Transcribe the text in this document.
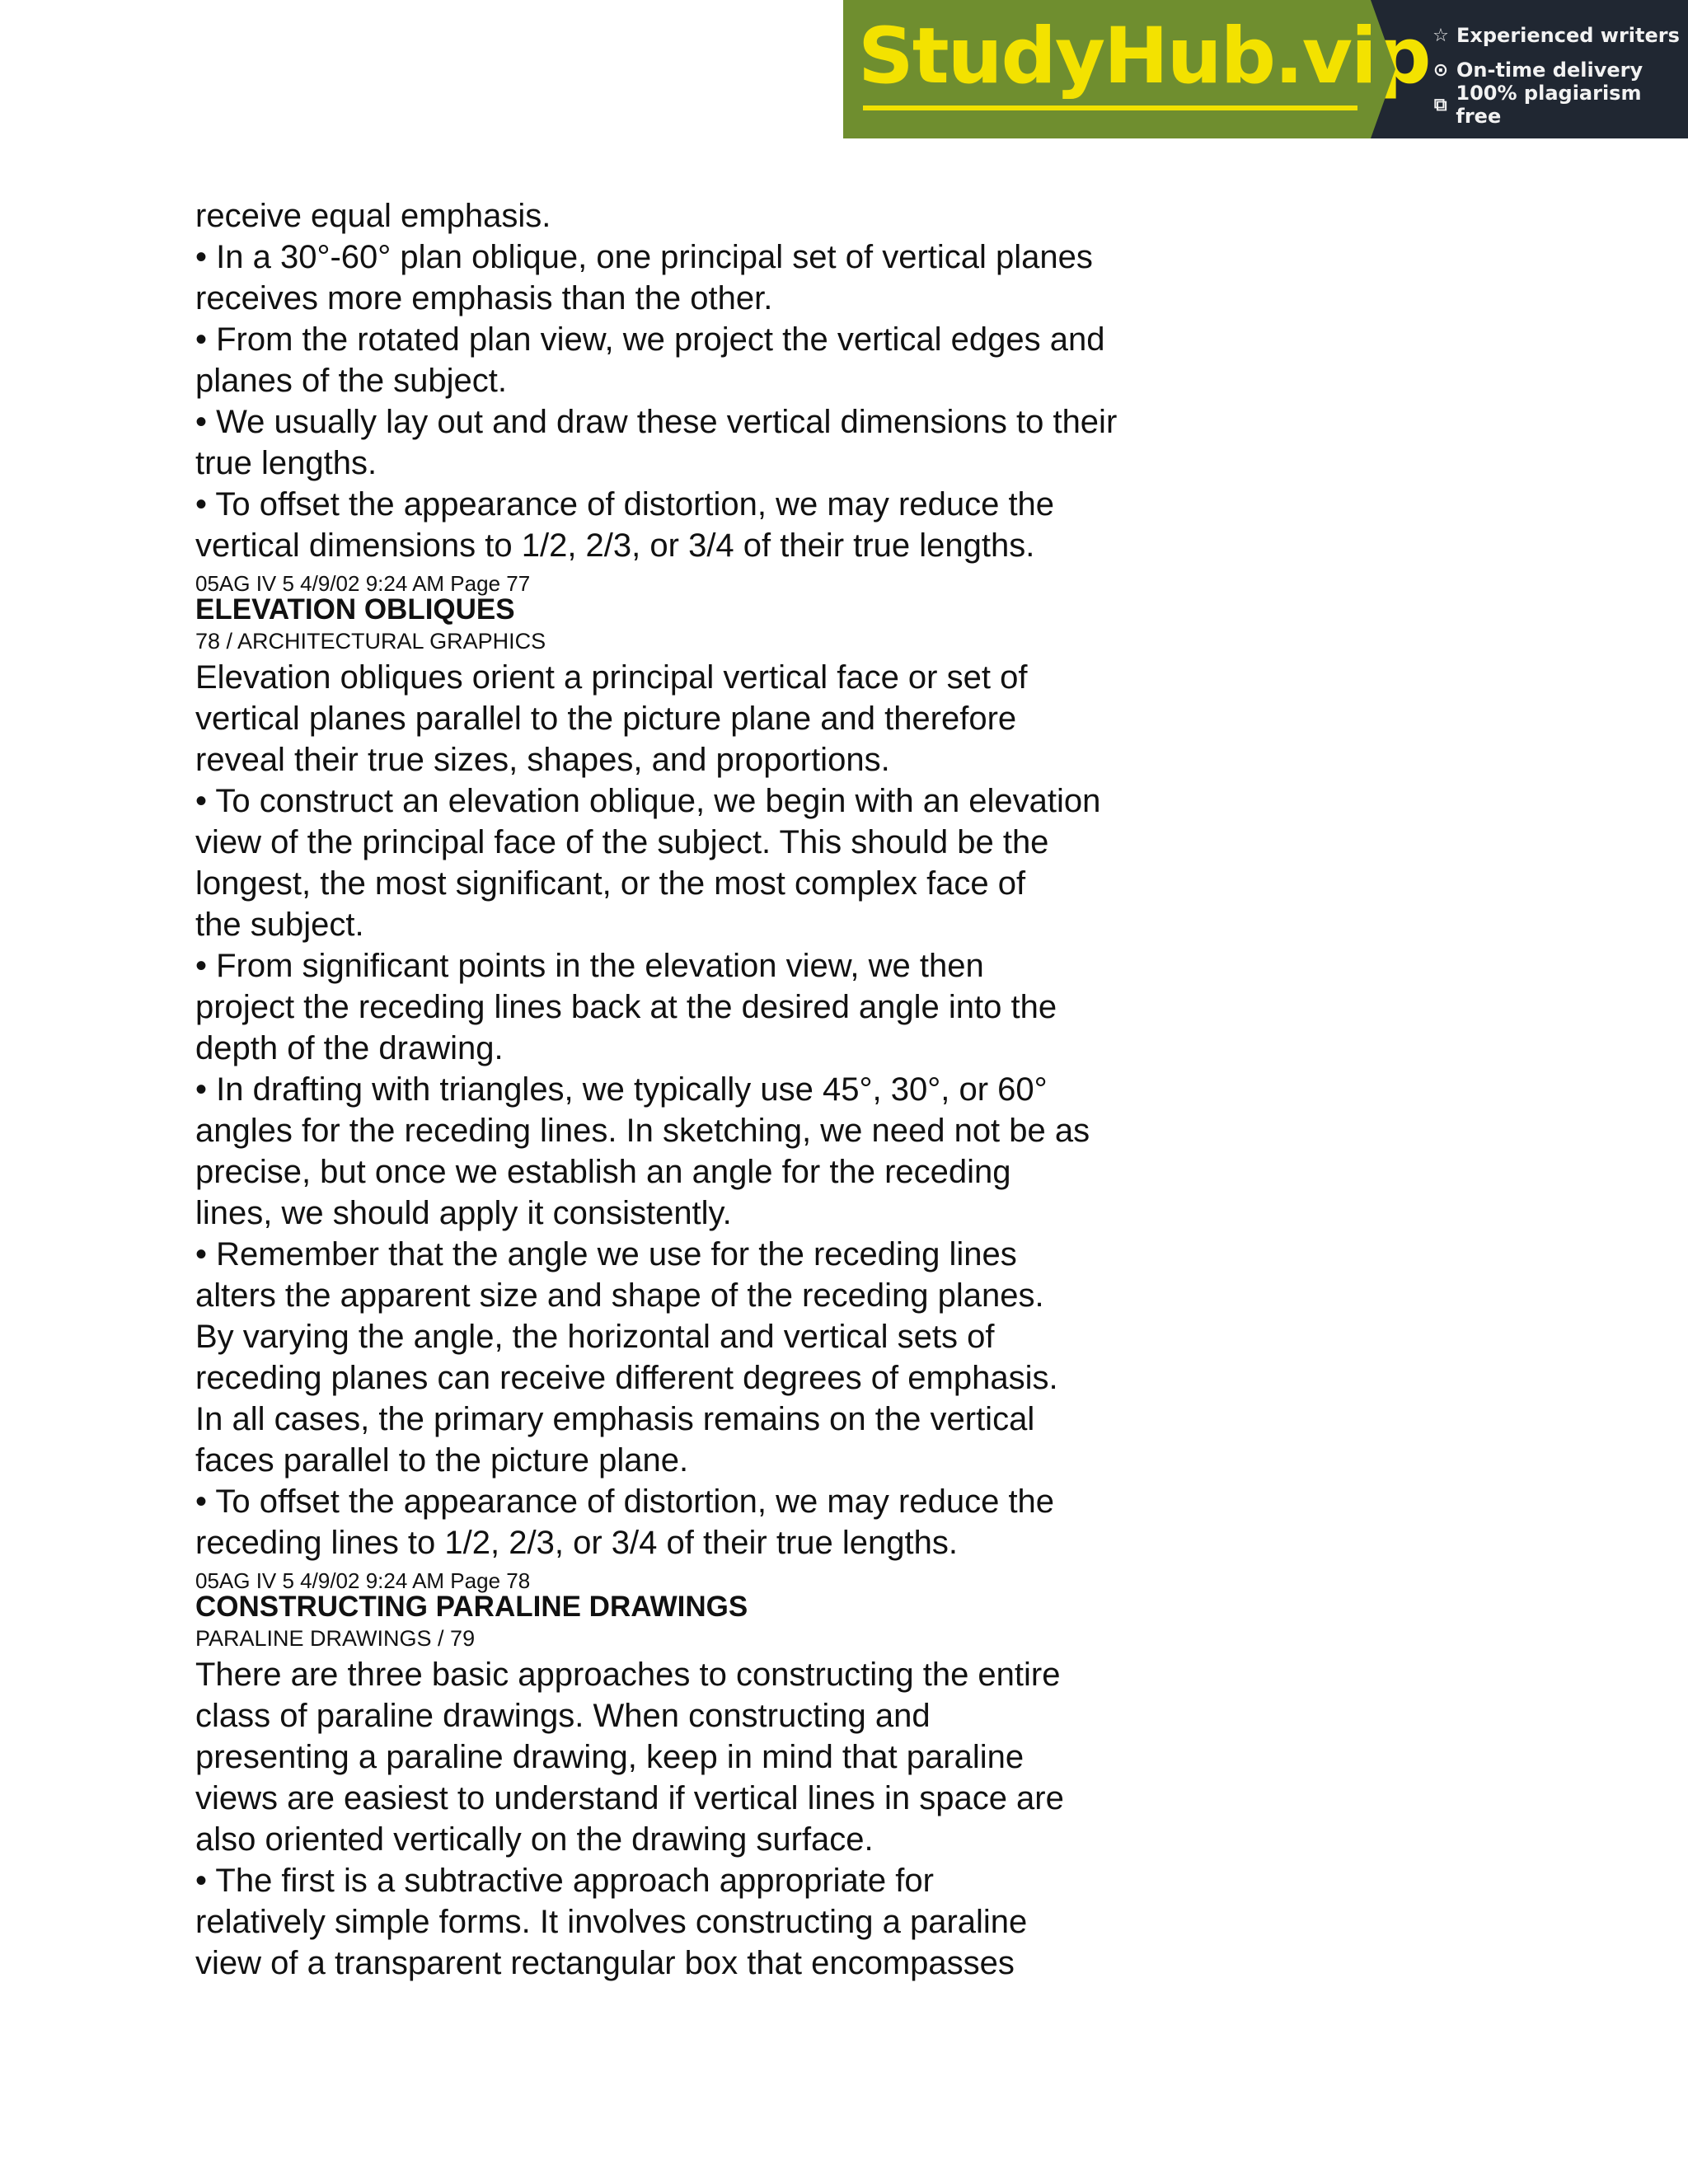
StudyHub.vip ☆ Experienced writers
⊙ On-time delivery
⧉ 100% plagiarism free
receive equal emphasis.
• In a 30°-60° plan oblique, one principal set of vertical planes
receives more emphasis than the other.
• From the rotated plan view, we project the vertical edges and
planes of the subject.
• We usually lay out and draw these vertical dimensions to their
true lengths.
• To offset the appearance of distortion, we may reduce the
vertical dimensions to 1/2, 2/3, or 3/4 of their true lengths.
05AG IV 5 4/9/02 9:24 AM Page 77
ELEVATION OBLIQUES
78 / ARCHITECTURAL GRAPHICS
Elevation obliques orient a principal vertical face or set of
vertical planes parallel to the picture plane and therefore
reveal their true sizes, shapes, and proportions.
• To construct an elevation oblique, we begin with an elevation
view of the principal face of the subject. This should be the
longest, the most significant, or the most complex face of
the subject.
• From significant points in the elevation view, we then
project the receding lines back at the desired angle into the
depth of the drawing.
• In drafting with triangles, we typically use 45°, 30°, or 60°
angles for the receding lines. In sketching, we need not be as
precise, but once we establish an angle for the receding
lines, we should apply it consistently.
• Remember that the angle we use for the receding lines
alters the apparent size and shape of the receding planes.
By varying the angle, the horizontal and vertical sets of
receding planes can receive different degrees of emphasis.
In all cases, the primary emphasis remains on the vertical
faces parallel to the picture plane.
• To offset the appearance of distortion, we may reduce the
receding lines to 1/2, 2/3, or 3/4 of their true lengths.
05AG IV 5 4/9/02 9:24 AM Page 78
CONSTRUCTING PARALINE DRAWINGS
PARALINE DRAWINGS / 79
There are three basic approaches to constructing the entire
class of paraline drawings. When constructing and
presenting a paraline drawing, keep in mind that paraline
views are easiest to understand if vertical lines in space are
also oriented vertically on the drawing surface.
• The first is a subtractive approach appropriate for
relatively simple forms. It involves constructing a paraline
view of a transparent rectangular box that encompasses
